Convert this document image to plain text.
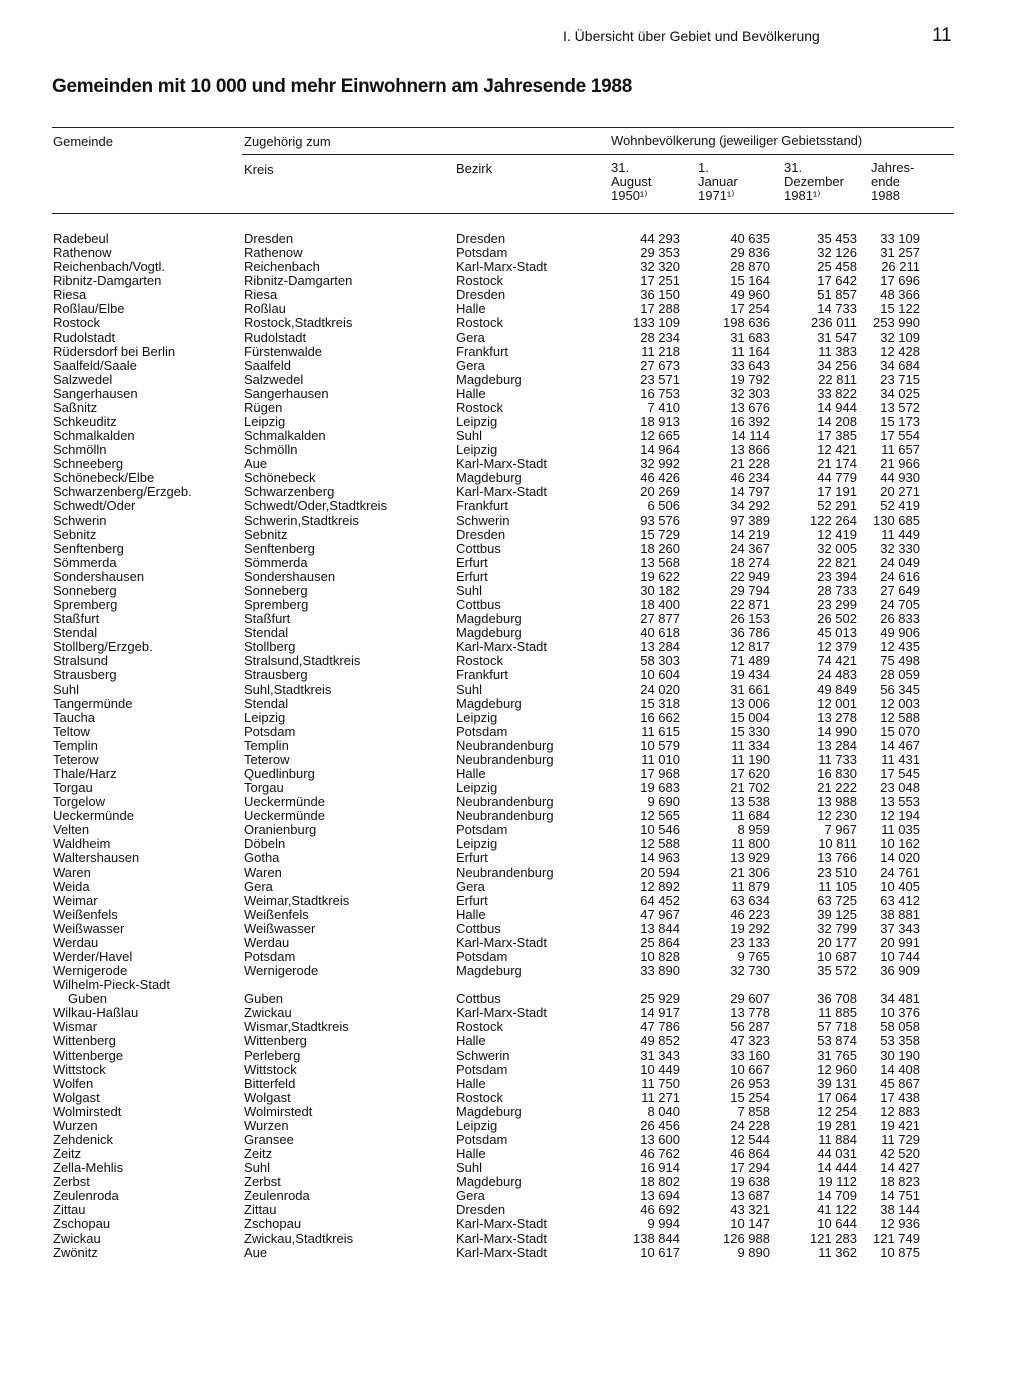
I. Übersicht über Gebiet und Bevölkerung	11
Gemeinden mit 10 000 und mehr Einwohnern am Jahresende 1988
Gemeinde	Zugehörig zum	Wohnbevölkerung (jeweiliger Gebietsstand)
Kreis	Bezirk	31.
August
1950¹⁾
1.
Januar
1971¹⁾
31.
Dezember
1981¹⁾
Jahres-
ende
1988
Radebeul	Dresden	Dresden	44 293	40 635	35 453	33 109
Rathenow	Rathenow	Potsdam	29 353	29 836	32 126	31 257
Reichenbach/Vogtl.	Reichenbach	Karl-Marx-Stadt	32 320	28 870	25 458	26 211
Ribnitz-Damgarten	Ribnitz-Damgarten	Rostock	17 251	15 164	17 642	17 696
Riesa	Riesa	Dresden	36 150	49 960	51 857	48 366
Roßlau/Elbe	Roßlau	Halle	17 288	17 254	14 733	15 122
Rostock	Rostock,Stadtkreis	Rostock	133 109	198 636	236 011	253 990
Rudolstadt	Rudolstadt	Gera	28 234	31 683	31 547	32 109
Rüdersdorf bei Berlin	Fürstenwalde	Frankfurt	11 218	11 164	11 383	12 428
Saalfeld/Saale	Saalfeld	Gera	27 673	33 643	34 256	34 684
Salzwedel	Salzwedel	Magdeburg	23 571	19 792	22 811	23 715
Sangerhausen	Sangerhausen	Halle	16 753	32 303	33 822	34 025
Saßnitz	Rügen	Rostock	7 410	13 676	14 944	13 572
Schkeuditz	Leipzig	Leipzig	18 913	16 392	14 208	15 173
Schmalkalden	Schmalkalden	Suhl	12 665	14 114	17 385	17 554
Schmölln	Schmölln	Leipzig	14 964	13 866	12 421	11 657
Schneeberg	Aue	Karl-Marx-Stadt	32 992	21 228	21 174	21 966
Schönebeck/Elbe	Schönebeck	Magdeburg	46 426	46 234	44 779	44 930
Schwarzenberg/Erzgeb.	Schwarzenberg	Karl-Marx-Stadt	20 269	14 797	17 191	20 271
Schwedt/Oder	Schwedt/Oder,Stadtkreis	Frankfurt	6 506	34 292	52 291	52 419
Schwerin	Schwerin,Stadtkreis	Schwerin	93 576	97 389	122 264	130 685
Sebnitz	Sebnitz	Dresden	15 729	14 219	12 419	11 449
Senftenberg	Senftenberg	Cottbus	18 260	24 367	32 005	32 330
Sömmerda	Sömmerda	Erfurt	13 568	18 274	22 821	24 049
Sondershausen	Sondershausen	Erfurt	19 622	22 949	23 394	24 616
Sonneberg	Sonneberg	Suhl	30 182	29 794	28 733	27 649
Spremberg	Spremberg	Cottbus	18 400	22 871	23 299	24 705
Staßfurt	Staßfurt	Magdeburg	27 877	26 153	26 502	26 833
Stendal	Stendal	Magdeburg	40 618	36 786	45 013	49 906
Stollberg/Erzgeb.	Stollberg	Karl-Marx-Stadt	13 284	12 817	12 379	12 435
Stralsund	Stralsund,Stadtkreis	Rostock	58 303	71 489	74 421	75 498
Strausberg	Strausberg	Frankfurt	10 604	19 434	24 483	28 059
Suhl	Suhl,Stadtkreis	Suhl	24 020	31 661	49 849	56 345
Tangermünde	Stendal	Magdeburg	15 318	13 006	12 001	12 003
Taucha	Leipzig	Leipzig	16 662	15 004	13 278	12 588
Teltow	Potsdam	Potsdam	11 615	15 330	14 990	15 070
Templin	Templin	Neubrandenburg	10 579	11 334	13 284	14 467
Teterow	Teterow	Neubrandenburg	11 010	11 190	11 733	11 431
Thale/Harz	Quedlinburg	Halle	17 968	17 620	16 830	17 545
Torgau	Torgau	Leipzig	19 683	21 702	21 222	23 048
Torgelow	Ueckermünde	Neubrandenburg	9 690	13 538	13 988	13 553
Ueckermünde	Ueckermünde	Neubrandenburg	12 565	11 684	12 230	12 194
Velten	Oranienburg	Potsdam	10 546	8 959	7 967	11 035
Waldheim	Döbeln	Leipzig	12 588	11 800	10 811	10 162
Waltershausen	Gotha	Erfurt	14 963	13 929	13 766	14 020
Waren	Waren	Neubrandenburg	20 594	21 306	23 510	24 761
Weida	Gera	Gera	12 892	11 879	11 105	10 405
Weimar	Weimar,Stadtkreis	Erfurt	64 452	63 634	63 725	63 412
Weißenfels	Weißenfels	Halle	47 967	46 223	39 125	38 881
Weißwasser	Weißwasser	Cottbus	13 844	19 292	32 799	37 343
Werdau	Werdau	Karl-Marx-Stadt	25 864	23 133	20 177	20 991
Werder/Havel	Potsdam	Potsdam	10 828	9 765	10 687	10 744
Wernigerode	Wernigerode	Magdeburg	33 890	32 730	35 572	36 909
Wilhelm-Pieck-Stadt
Guben	Guben	Cottbus	25 929	29 607	36 708	34 481
Wilkau-Haßlau	Zwickau	Karl-Marx-Stadt	14 917	13 778	11 885	10 376
Wismar	Wismar,Stadtkreis	Rostock	47 786	56 287	57 718	58 058
Wittenberg	Wittenberg	Halle	49 852	47 323	53 874	53 358
Wittenberge	Perleberg	Schwerin	31 343	33 160	31 765	30 190
Wittstock	Wittstock	Potsdam	10 449	10 667	12 960	14 408
Wolfen	Bitterfeld	Halle	11 750	26 953	39 131	45 867
Wolgast	Wolgast	Rostock	11 271	15 254	17 064	17 438
Wolmirstedt	Wolmirstedt	Magdeburg	8 040	7 858	12 254	12 883
Wurzen	Wurzen	Leipzig	26 456	24 228	19 281	19 421
Zehdenick	Gransee	Potsdam	13 600	12 544	11 884	11 729
Zeitz	Zeitz	Halle	46 762	46 864	44 031	42 520
Zella-Mehlis	Suhl	Suhl	16 914	17 294	14 444	14 427
Zerbst	Zerbst	Magdeburg	18 802	19 638	19 112	18 823
Zeulenroda	Zeulenroda	Gera	13 694	13 687	14 709	14 751
Zittau	Zittau	Dresden	46 692	43 321	41 122	38 144
Zschopau	Zschopau	Karl-Marx-Stadt	9 994	10 147	10 644	12 936
Zwickau	Zwickau,Stadtkreis	Karl-Marx-Stadt	138 844	126 988	121 283	121 749
Zwönitz	Aue	Karl-Marx-Stadt	10 617	9 890	11 362	10 875
